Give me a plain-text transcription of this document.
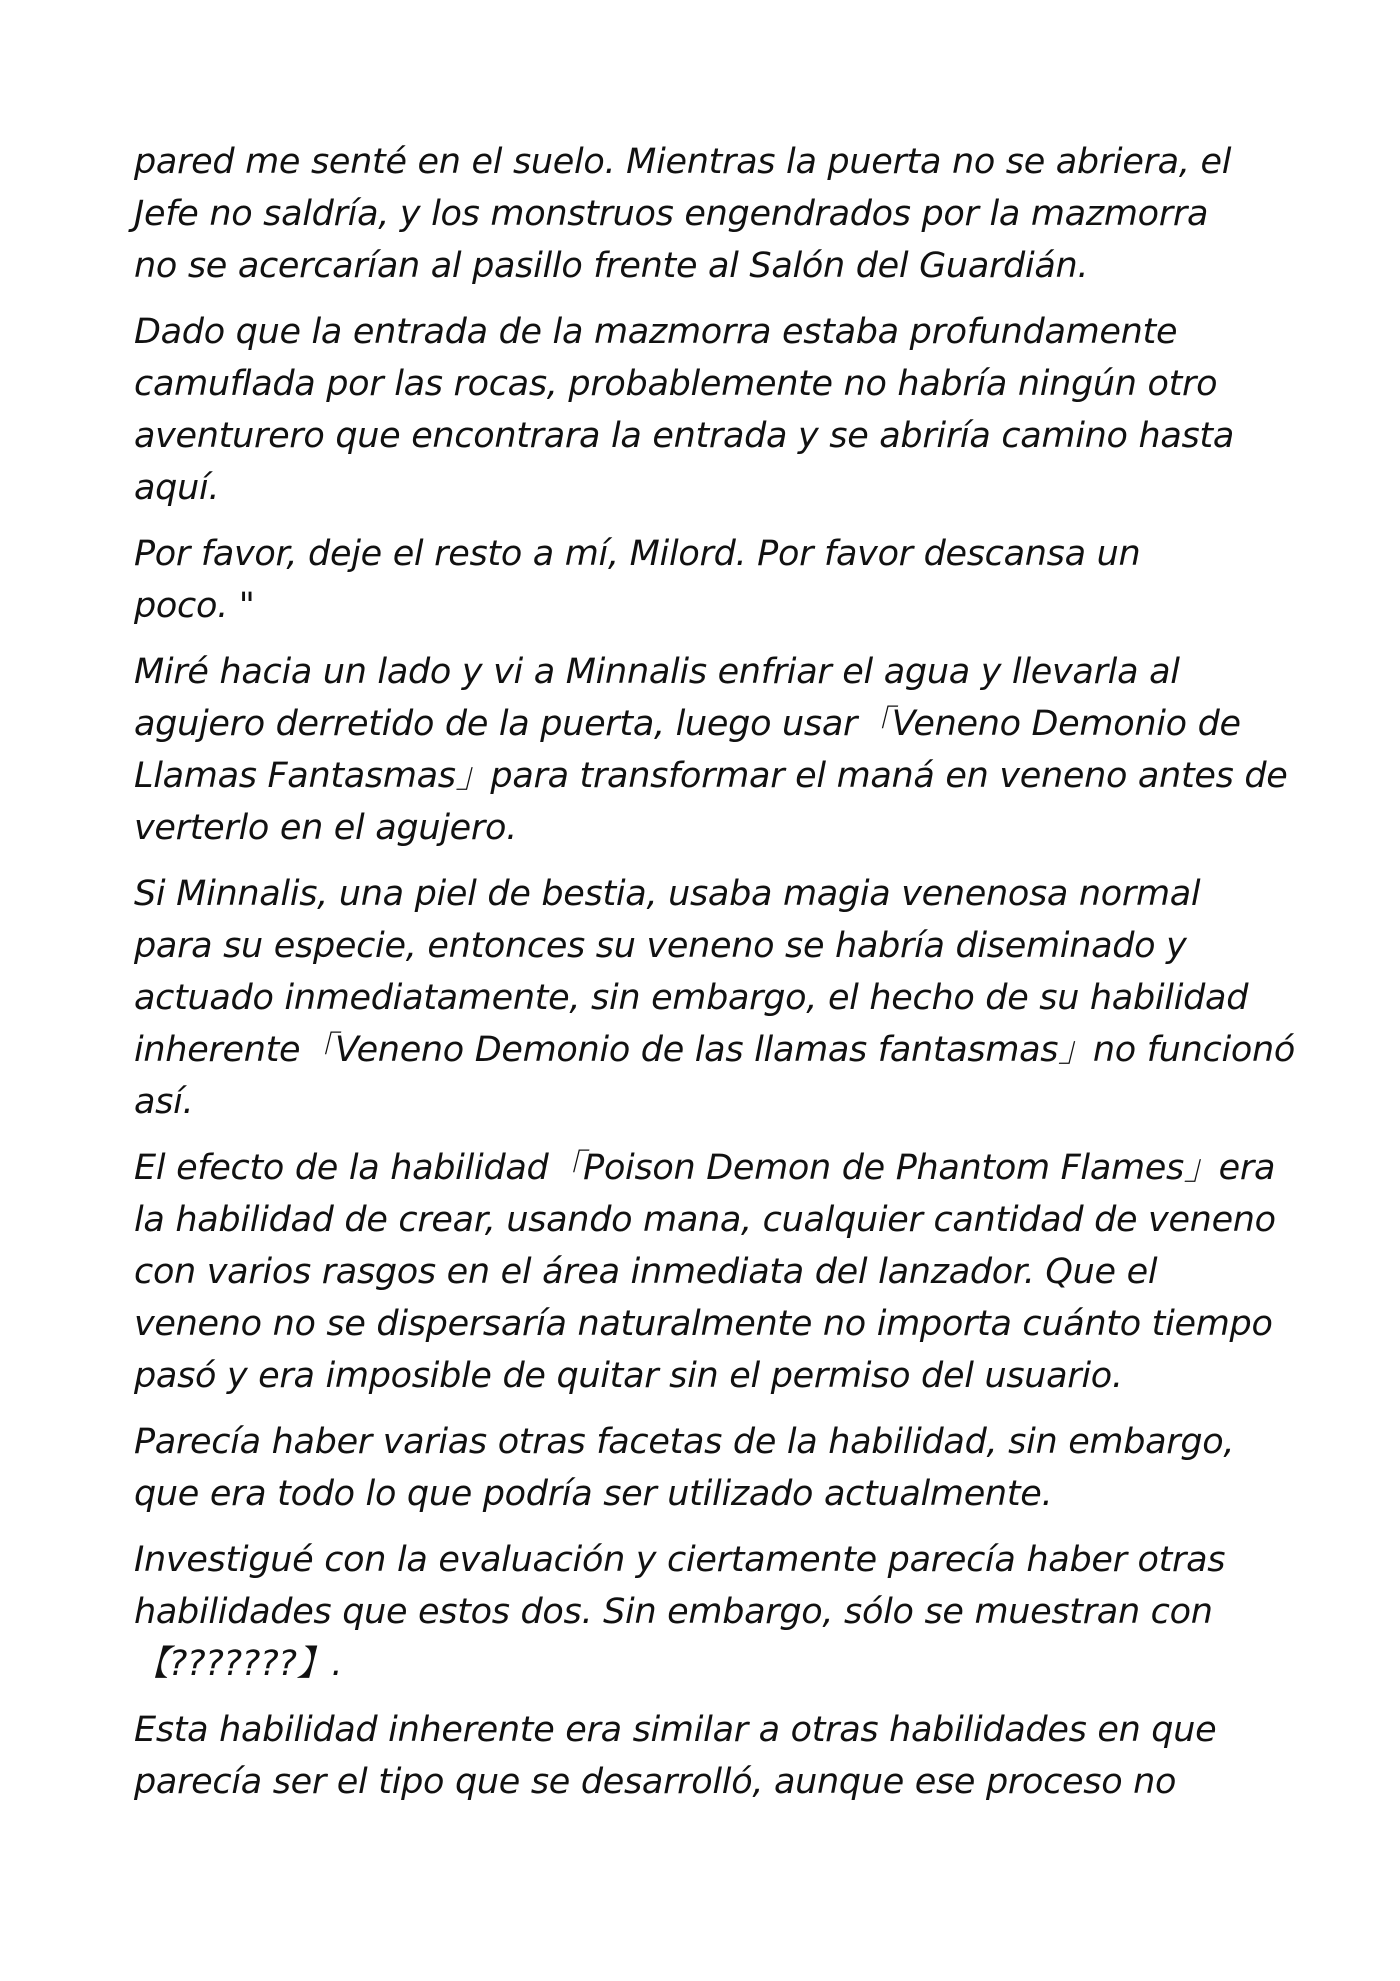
pared me senté en el suelo. Mientras la puerta no se abriera, el
Jefe no saldría, y los monstruos engendrados por la mazmorra
no se acercarían al pasillo frente al Salón del Guardián.

Dado que la entrada de la mazmorra estaba profundamente
camuflada por las rocas, probablemente no habría ningún otro
aventurero que encontrara la entrada y se abriría camino hasta
aquí.

Por favor, deje el resto a mí, Milord. Por favor descansa un
poco. "

Miré hacia un lado y vi a Minnalis enfriar el agua y llevarla al
agujero derretido de la puerta, luego usar「Veneno Demonio de
Llamas Fantasmas」para transformar el maná en veneno antes de
verterlo en el agujero.

Si Minnalis, una piel de bestia, usaba magia venenosa normal
para su especie, entonces su veneno se habría diseminado y
actuado inmediatamente, sin embargo, el hecho de su habilidad
inherente「Veneno Demonio de las llamas fantasmas」no funcionó
así.

El efecto de la habilidad「Poison Demon de Phantom Flames」era
la habilidad de crear, usando mana, cualquier cantidad de veneno
con varios rasgos en el área inmediata del lanzador. Que el
veneno no se dispersaría naturalmente no importa cuánto tiempo
pasó y era imposible de quitar sin el permiso del usuario.

Parecía haber varias otras facetas de la habilidad, sin embargo,
que era todo lo que podría ser utilizado actualmente.

Investigué con la evaluación y ciertamente parecía haber otras
habilidades que estos dos. Sin embargo, sólo se muestran con
【???????】.

Esta habilidad inherente era similar a otras habilidades en que
parecía ser el tipo que se desarrolló, aunque ese proceso no
